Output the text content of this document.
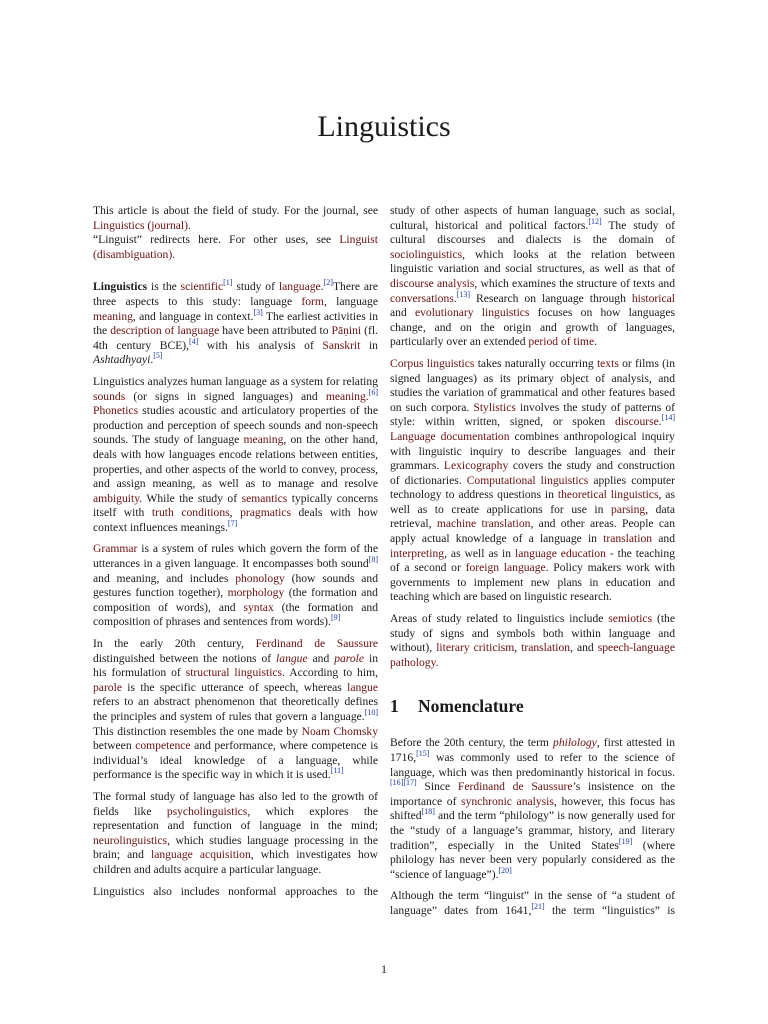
Linguistics

This article is about the field of study. For the journal, see Linguistics (journal).

“Linguist” redirects here. For other uses, see Linguist (disambiguation).

Linguistics is the scientific[1] study of language.[2]There are three aspects to this study: language form, language meaning, and language in context.[3] The earliest activities in the description of language have been attributed to Pāṇini (fl. 4th century BCE),[4] with his analysis of Sanskrit in Ashtadhyayi.[5]

Linguistics analyzes human language as a system for relating sounds (or signs in signed languages) and meaning.[6] Phonetics studies acoustic and articulatory properties of the production and perception of speech sounds and non-speech sounds. The study of language meaning, on the other hand, deals with how languages encode relations between entities, properties, and other aspects of the world to convey, process, and assign meaning, as well as to manage and resolve ambiguity. While the study of semantics typically concerns itself with truth conditions, pragmatics deals with how context influences meanings.[7]

Grammar is a system of rules which govern the form of the utterances in a given language. It encompasses both sound[8] and meaning, and includes phonology (how sounds and gestures function together), morphology (the formation and composition of words), and syntax (the formation and composition of phrases and sentences from words).[9]

In the early 20th century, Ferdinand de Saussure distinguished between the notions of langue and parole in his formulation of structural linguistics. According to him, parole is the specific utterance of speech, whereas langue refers to an abstract phenomenon that theoretically defines the principles and system of rules that govern a language.[10] This distinction resembles the one made by Noam Chomsky between competence and performance, where competence is individual’s ideal knowledge of a language, while performance is the specific way in which it is used.[11]

The formal study of language has also led to the growth of fields like psycholinguistics, which explores the representation and function of language in the mind; neurolinguistics, which studies language processing in the brain; and language acquisition, which investigates how children and adults acquire a particular language.

Linguistics also includes nonformal approaches to the

study of other aspects of human language, such as social, cultural, historical and political factors.[12] The study of cultural discourses and dialects is the domain of sociolinguistics, which looks at the relation between linguistic variation and social structures, as well as that of discourse analysis, which examines the structure of texts and conversations.[13] Research on language through historical and evolutionary linguistics focuses on how languages change, and on the origin and growth of languages, particularly over an extended period of time.

Corpus linguistics takes naturally occurring texts or films (in signed languages) as its primary object of analysis, and studies the variation of grammatical and other features based on such corpora. Stylistics involves the study of patterns of style: within written, signed, or spoken discourse.[14] Language documentation combines anthropological inquiry with linguistic inquiry to describe languages and their grammars. Lexicography covers the study and construction of dictionaries. Computational linguistics applies computer technology to address questions in theoretical linguistics, as well as to create applications for use in parsing, data retrieval, machine translation, and other areas. People can apply actual knowledge of a language in translation and interpreting, as well as in language education - the teaching of a second or foreign language. Policy makers work with governments to implement new plans in education and teaching which are based on linguistic research.

Areas of study related to linguistics include semiotics (the study of signs and symbols both within language and without), literary criticism, translation, and speech-language pathology.

1 Nomenclature

Before the 20th century, the term philology, first attested in 1716,[15] was commonly used to refer to the science of language, which was then predominantly historical in focus.[16][17] Since Ferdinand de Saussure’s insistence on the importance of synchronic analysis, however, this focus has shifted[18] and the term “philology” is now generally used for the “study of a language’s grammar, history, and literary tradition”, especially in the United States[19] (where philology has never been very popularly considered as the “science of language”).[20]

Although the term “linguist” in the sense of “a student of language” dates from 1641,[21] the term “linguistics” is

1
